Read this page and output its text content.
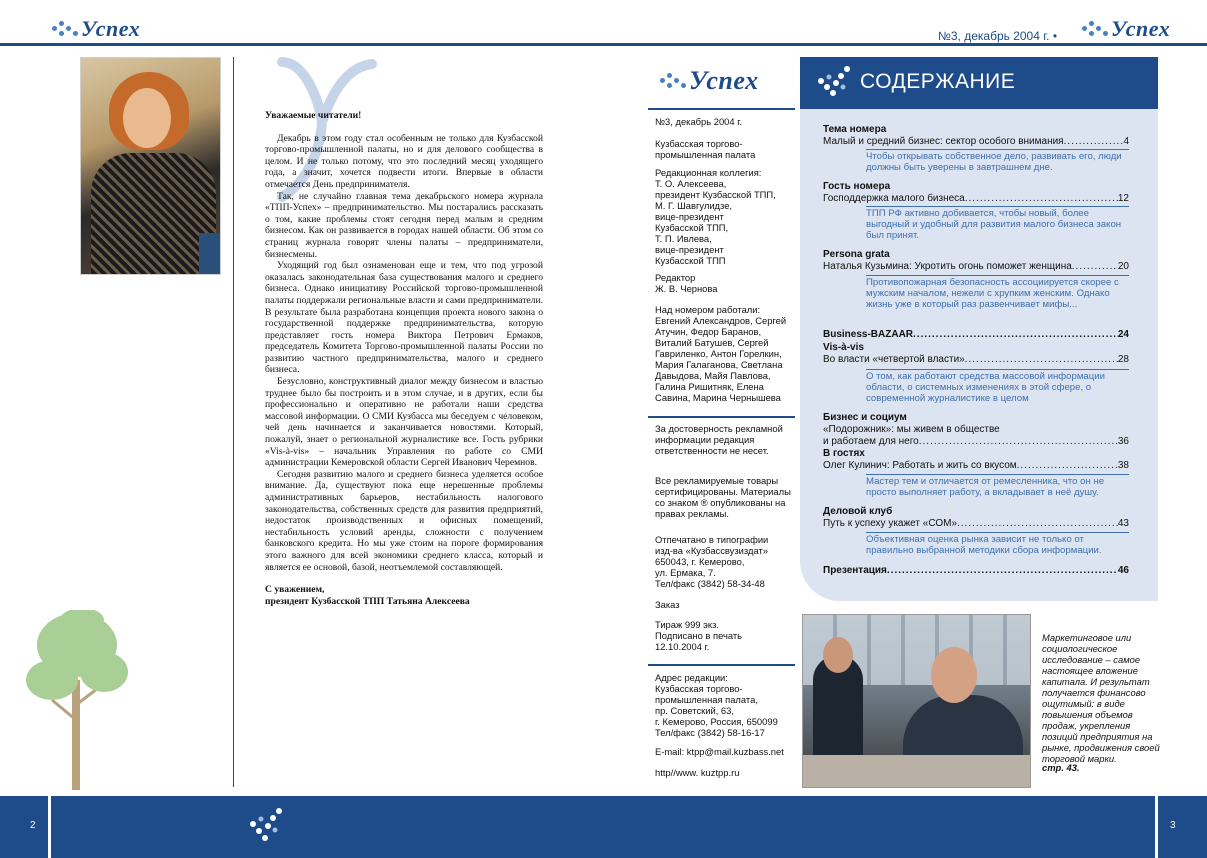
Успех	№3, декабрь 2004 г. • Успех
Уважаемые читатели!

Декабрь в этом году стал особенным не только для Кузбасской торгово-промышленной палаты, но и для делового сообщества в целом. И не только потому, что это последний месяц уходящего года, а значит, хочется подвести итоги. Впервые в области отмечается День предпринимателя.

Так, не случайно главная тема декабрьского номера журнала «ТПП-Успех» – предпринимательство. Мы постарались рассказать о том, какие проблемы стоят сегодня перед малым и средним бизнесом. Как он развивается в городах нашей области. Об этом со страниц журнала говорят члены палаты – предприниматели, бизнесмены.

Уходящий год был ознаменован еще и тем, что под угрозой оказалась законодательная база существования малого и среднего бизнеса. Однако инициативу Российской торгово-промышленной палаты поддержали региональные власти и сами предприниматели. В результате была разработана концепция проекта нового закона о государственной поддержке предпринимательства, которую представляет гость номера Виктора Петрович Ермаков, председатель Комитета Торгово-промышленной палаты России по развитию частного предпринимательства, малого и среднего бизнеса.

Безусловно, конструктивный диалог между бизнесом и властью труднее было бы построить и в этом случае, и в других, если бы профессионально и оперативно не работали наши средства массовой информации. О СМИ Кузбасса мы беседуем с человеком, чей день начинается и заканчивается новостями. Который, пожалуй, знает о региональной журналистике все. Гость рубрики «Vis-à-vis» – начальник Управления по работе со СМИ администрации Кемеровской области Сергей Иванович Черемнов.

Сегодня развитию малого и среднего бизнеса уделяется особое внимание. Да, существуют пока еще нерешенные проблемы административных барьеров, нестабильность налогового законодательства, собственных средств для развития предприятий, недостаток производственных и офисных помещений, нестабильность условий аренды, сложности с получением банковского кредита. Но мы уже стоим на пороге формирования этого важного для всей экономики среднего класса, который и является ее основой, базой, неотъемлемой составляющей.

С уважением,

президент Кузбасской ТПП Татьяна Алексеева

Успех
№3, декабрь 2004 г.
Кузбасская торгово-промышленная палата
Редакционная коллегия:
Т. О. Алексеева,
президент Кузбасской ТПП,
М. Г. Шавгулидзе,
вице-президент
Кузбасской ТПП,
Т. П. Ивлева,
вице-президент
Кузбасской ТПП
Редактор
Ж. В. Чернова
Над номером работали:
Евгений Александров, Сергей Атучин, Федор Баранов, Виталий Батушев, Сергей Гавриленко, Антон Горелкин, Мария Галаганова, Светлана Давыдова, Майя Павлова, Галина Ришитняк, Елена Савина, Марина Чернышева
За достоверность рекламной информации редакция ответственности не несет.
Все рекламируемые товары сертифицированы. Материалы со знаком ® опубликованы на правах рекламы.
Отпечатано в типографии
изд-ва «Кузбассвузиздат»
650043, г. Кемерово,
ул. Ермака, 7.
Тел/факс (3842) 58-34-48
Заказ
Тираж 999 экз.
Подписано в печать
12.10.2004 г.
Адрес редакции:
Кузбасская торгово-
промышленная палата,
пр. Советский, 63,
г. Кемерово, Россия, 650099
Тел/факс (3842) 58-16-17
E-mail: ktpp@mail.kuzbass.net
http//www. kuztpp.ru
СОДЕРЖАНИЕ
Тема номера
Малый и средний бизнес: сектор особого внимания .....	4
Чтобы открывать собственное дело, развивать его, люди должны быть уверены в завтрашнем дне.
Гость номера
Господдержка малого бизнеса .....	12
ТПП РФ активно добивается, чтобы новый, более выгодный и удобный для развития малого бизнеса закон был принят.
Persona grata
Наталья Кузьмина: Укротить огонь поможет женщина .....	20
Противопожарная безопасность ассоциируется скорее с мужским началом, нежели с хрупким женским. Однако жизнь уже в который раз развенчивает мифы...
Business-BAZAAR .....	24
Vis-à-vis
Во власти «четвертой власти» .....	28
О том, как работают средства массовой информации области, о системных изменениях в этой сфере, о современной журналистике в целом
Бизнес и социум
«Подорожник»: мы живем в обществе
и работаем для него .....	36
В гостях
Олег Кулинич: Работать и жить со вкусом .....	38
Мастер тем и отличается от ремесленника, что он не просто выполняет работу, а вкладывает в неё душу.
Деловой клуб
Путь к успеху укажет «СОМ» .....	43
Объективная оценка рынка зависит не только от правильно выбранной методики сбора информации.
Презентация .....	46
Маркетинговое или социологическое исследование – самое настоящее вложение капитала. И результат получается финансово ощутимый: в виде повышения объемов продаж, укрепления позиций предприятия на рынке, продвижения своей торговой марки.
стр. 43.
2	3
